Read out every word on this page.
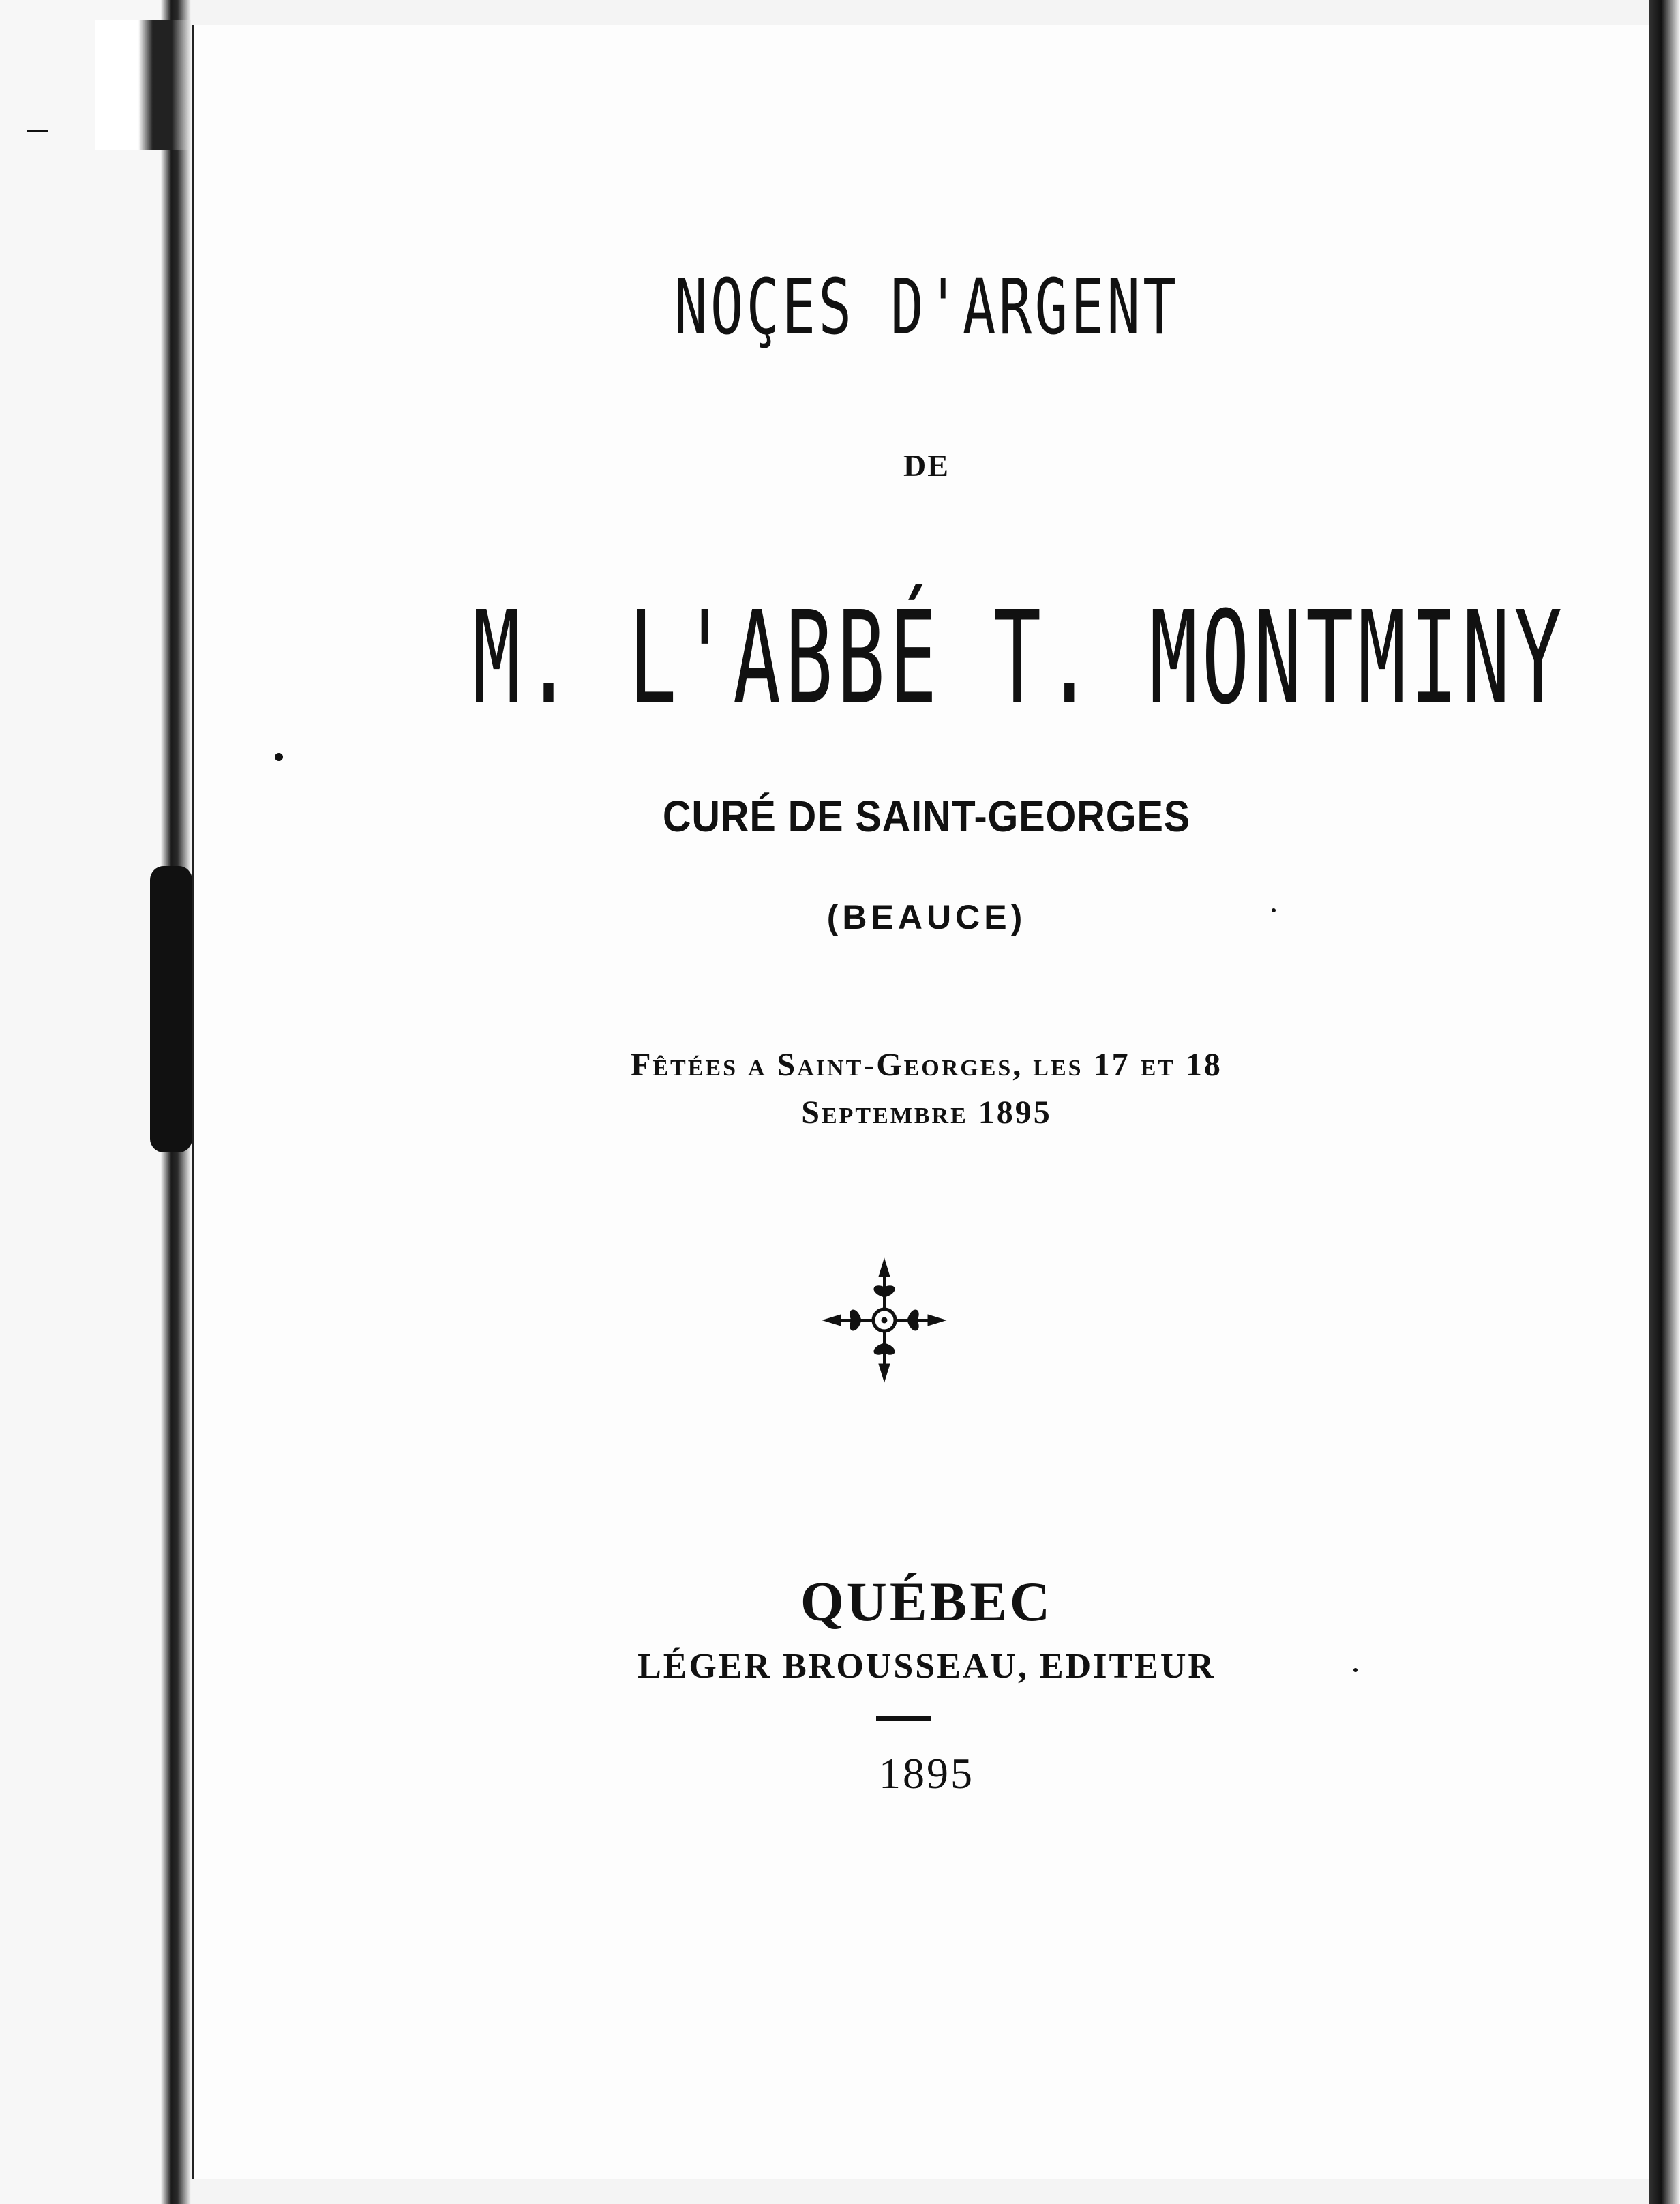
NOÇES D'ARGENT
DE
M. L'ABBÉ T. MONTMINY
CURÉ DE SAINT-GEORGES
(BEAUCE)
Fêtées a Saint-Georges, les 17 et 18
Septembre 1895
QUÉBEC
LÉGER BROUSSEAU, EDITEUR
1895
